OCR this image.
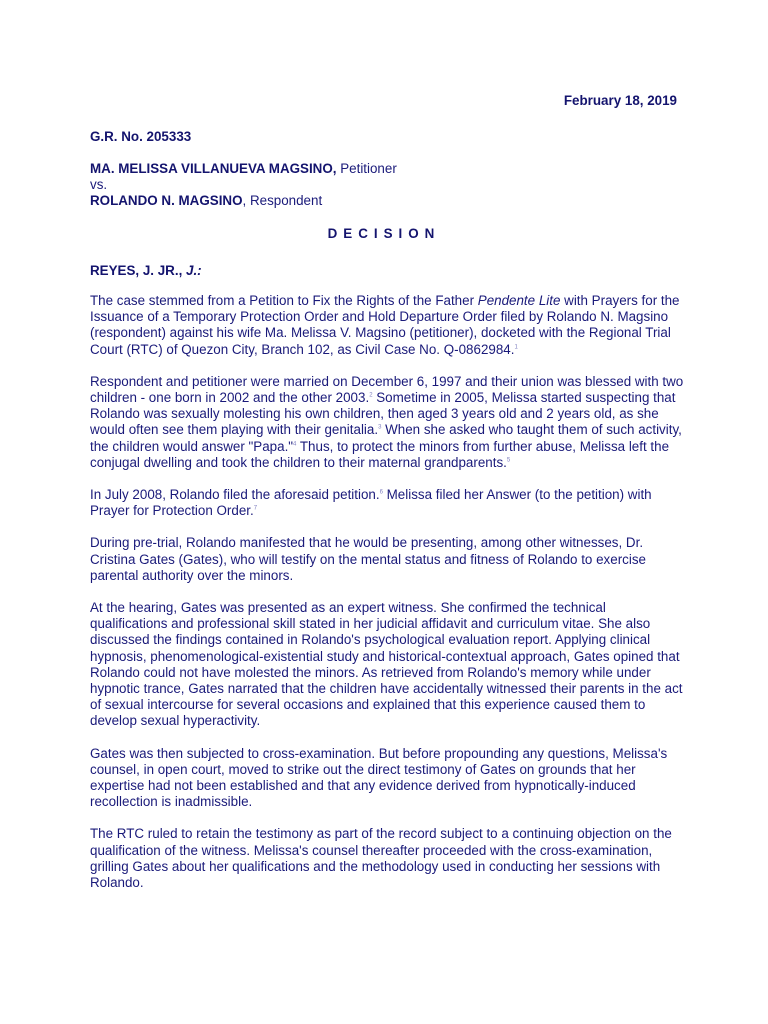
February 18, 2019
G.R. No. 205333
MA. MELISSA VILLANUEVA MAGSINO, Petitioner
vs.
ROLANDO N. MAGSINO, Respondent
DECISION
REYES, J. JR., J.:

The case stemmed from a Petition to Fix the Rights of the Father Pendente Lite with Prayers for the Issuance of a Temporary Protection Order and Hold Departure Order filed by Rolando N. Magsino (respondent) against his wife Ma. Melissa V. Magsino (petitioner), docketed with the Regional Trial Court (RTC) of Quezon City, Branch 102, as Civil Case No. Q-0862984.$^1$

Respondent and petitioner were married on December 6, 1997 and their union was blessed with two children - one born in 2002 and the other 2003.$^2$ Sometime in 2005, Melissa started suspecting that Rolando was sexually molesting his own children, then aged 3 years old and 2 years old, as she would often see them playing with their genitalia.$^3$ When she asked who taught them of such activity, the children would answer "Papa."$^4$ Thus, to protect the minors from further abuse, Melissa left the conjugal dwelling and took the children to their maternal grandparents.$^5$

In July 2008, Rolando filed the aforesaid petition.$^6$ Melissa filed her Answer (to the petition) with Prayer for Protection Order.$^7$

During pre-trial, Rolando manifested that he would be presenting, among other witnesses, Dr. Cristina Gates (Gates), who will testify on the mental status and fitness of Rolando to exercise parental authority over the minors.

At the hearing, Gates was presented as an expert witness. She confirmed the technical qualifications and professional skill stated in her judicial affidavit and curriculum vitae. She also discussed the findings contained in Rolando's psychological evaluation report. Applying clinical hypnosis, phenomenological-existential study and historical-contextual approach, Gates opined that Rolando could not have molested the minors. As retrieved from Rolando's memory while under hypnotic trance, Gates narrated that the children have accidentally witnessed their parents in the act of sexual intercourse for several occasions and explained that this experience caused them to develop sexual hyperactivity.

Gates was then subjected to cross-examination. But before propounding any questions, Melissa's counsel, in open court, moved to strike out the direct testimony of Gates on grounds that her expertise had not been established and that any evidence derived from hypnotically-induced recollection is inadmissible.

The RTC ruled to retain the testimony as part of the record subject to a continuing objection on the qualification of the witness. Melissa's counsel thereafter proceeded with the cross-examination, grilling Gates about her qualifications and the methodology used in conducting her sessions with Rolando.
